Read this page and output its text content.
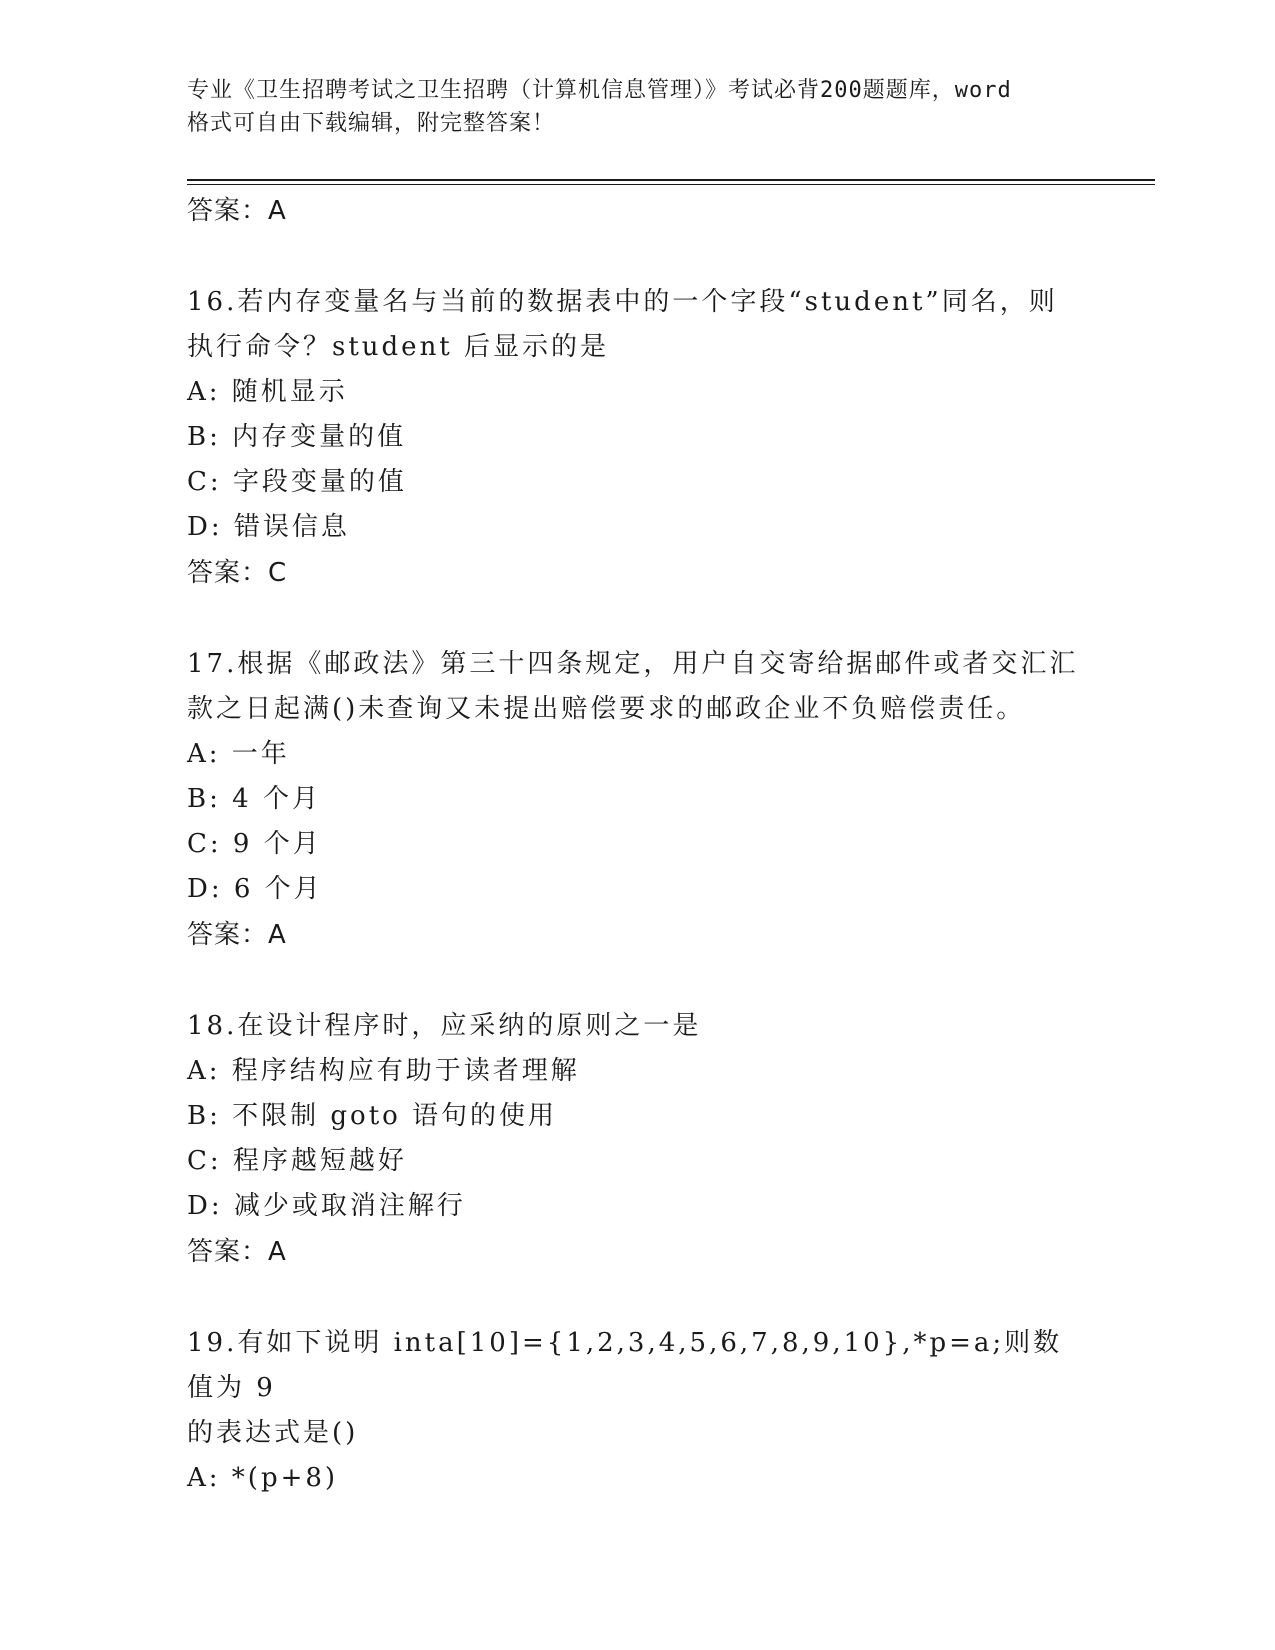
专业《卫生招聘考试之卫生招聘（计算机信息管理）》考试必背200题题库，word
格式可自由下载编辑，附完整答案！
答案：A
16.若内存变量名与当前的数据表中的一个字段“student”同名，则
执行命令？student 后显示的是
A: 随机显示
B: 内存变量的值
C: 字段变量的值
D: 错误信息
答案：C
17.根据《邮政法》第三十四条规定，用户自交寄给据邮件或者交汇汇
款之日起满()未查询又未提出赔偿要求的邮政企业不负赔偿责任。
A: 一年
B: 4 个月
C: 9 个月
D: 6 个月
答案：A
18.在设计程序时，应采纳的原则之一是
A: 程序结构应有助于读者理解
B: 不限制 goto 语句的使用
C: 程序越短越好
D: 减少或取消注解行
答案：A
19.有如下说明 inta[10]={1,2,3,4,5,6,7,8,9,10},*p=a;则数值为 9
的表达式是()
A: *(p+8)
